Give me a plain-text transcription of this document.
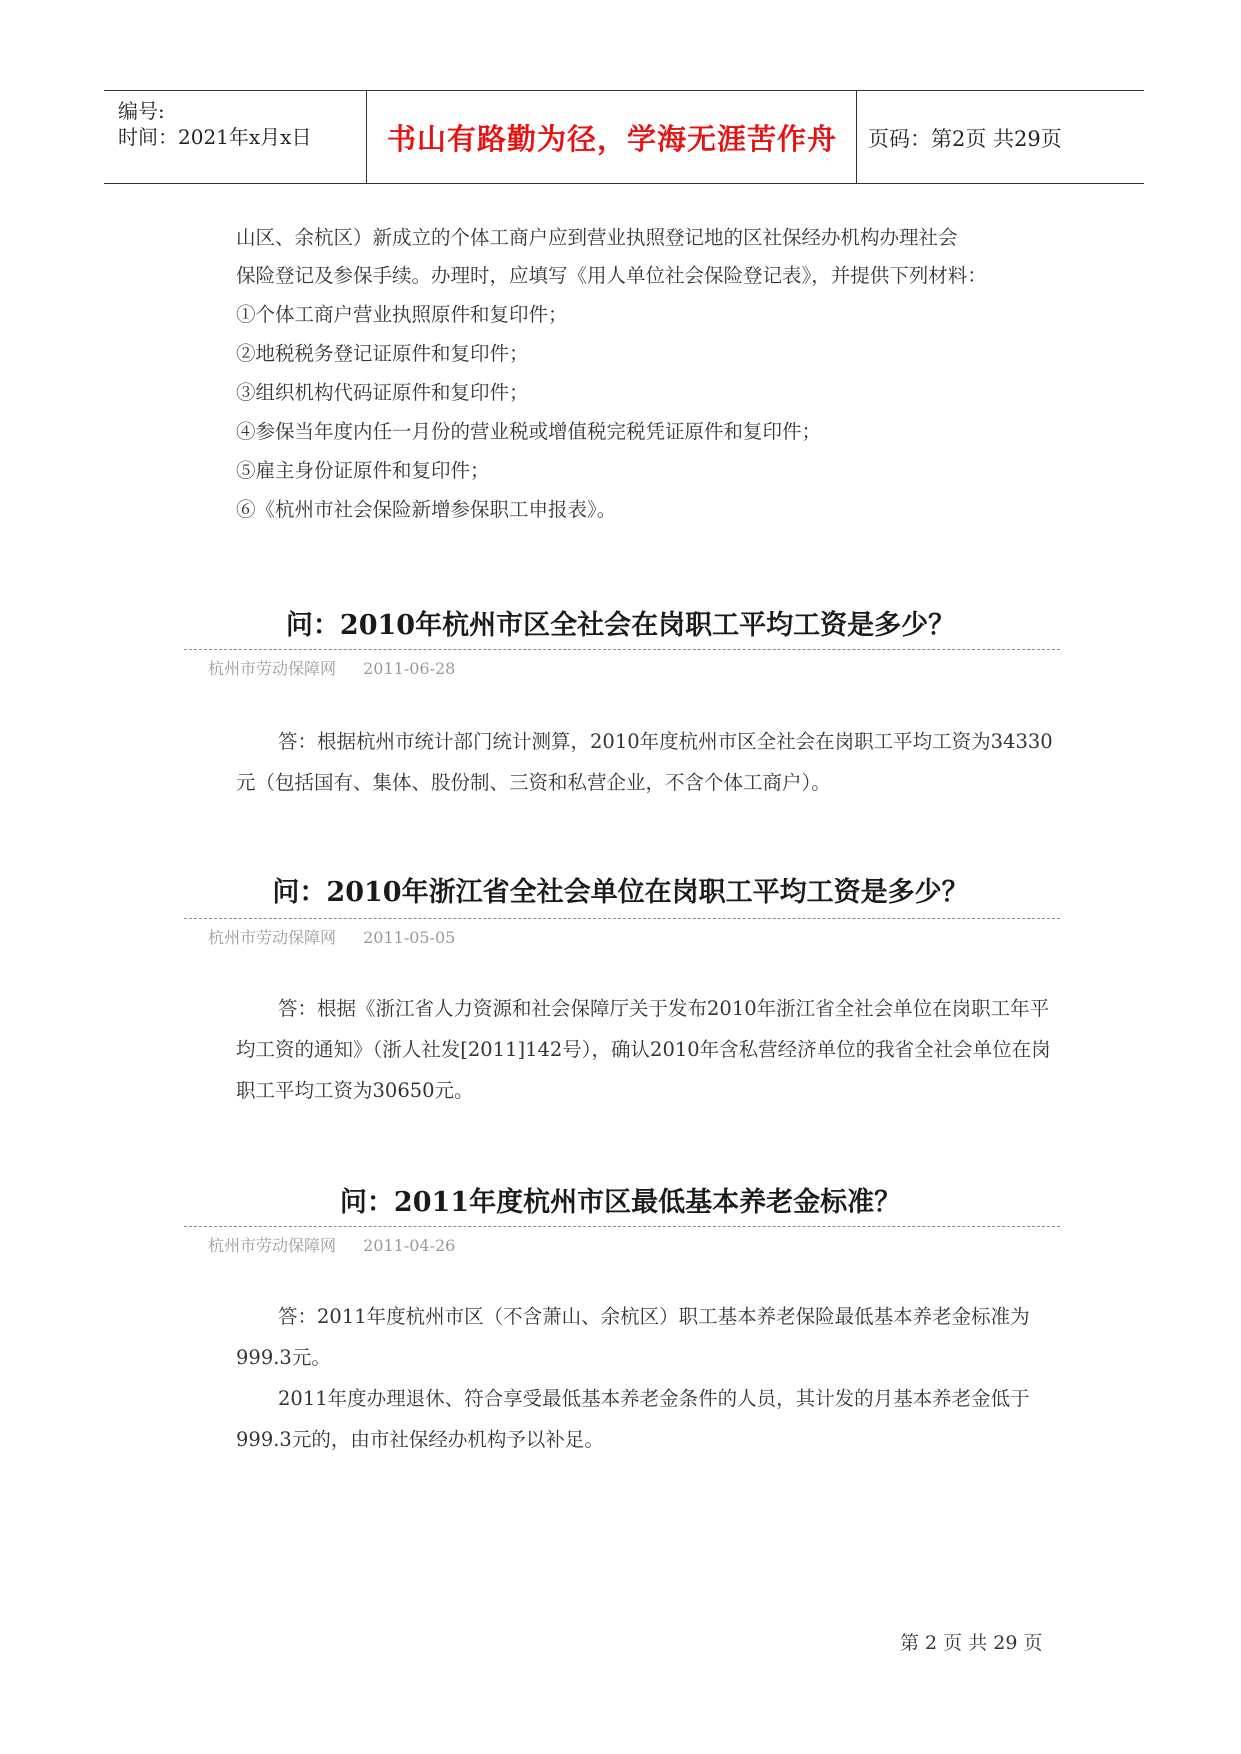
编号:
时间：2021年x月x日	书山有路勤为径，学海无涯苦作舟	页码：第2页 共29页
山区、余杭区）新成立的个体工商户应到营业执照登记地的区社保经办机构办理社会
保险登记及参保手续。办理时，应填写《用人单位社会保险登记表》，并提供下列材料：
①个体工商户营业执照原件和复印件；
②地税税务登记证原件和复印件；
③组织机构代码证原件和复印件；
④参保当年度内任一月份的营业税或增值税完税凭证原件和复印件；
⑤雇主身份证原件和复印件；
⑥《杭州市社会保险新增参保职工申报表》。
问：2010年杭州市区全社会在岗职工平均工资是多少？
杭州市劳动保障网 2011-06-28
答：根据杭州市统计部门统计测算，2010年度杭州市区全社会在岗职工平均工资为34330元（包括国有、集体、股份制、三资和私营企业，不含个体工商户）。
问：2010年浙江省全社会单位在岗职工平均工资是多少？
杭州市劳动保障网 2011-05-05
答：根据《浙江省人力资源和社会保障厅关于发布2010年浙江省全社会单位在岗职工年平均工资的通知》（浙人社发[2011]142号），确认2010年含私营经济单位的我省全社会单位在岗职工平均工资为30650元。
问：2011年度杭州市区最低基本养老金标准？
杭州市劳动保障网 2011-04-26
答：2011年度杭州市区（不含萧山、余杭区）职工基本养老保险最低基本养老金标准为999.3元。
2011年度办理退休、符合享受最低基本养老金条件的人员，其计发的月基本养老金低于999.3元的，由市社保经办机构予以补足。
第 2 页 共 29 页
